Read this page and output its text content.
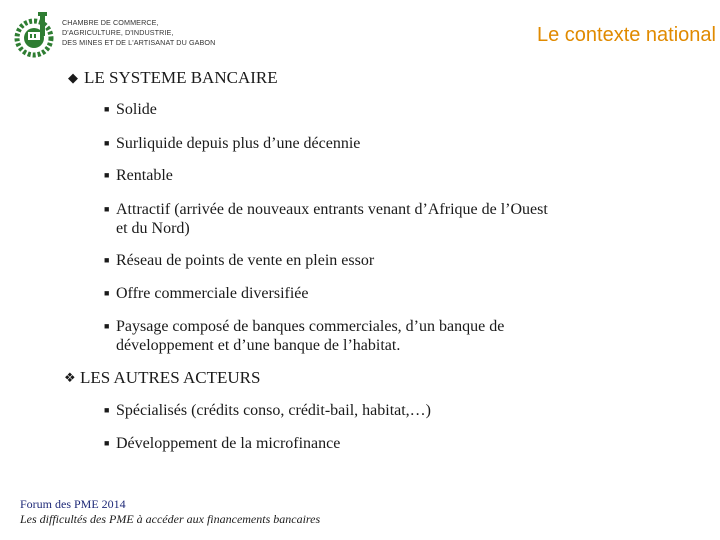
CHAMBRE DE COMMERCE,
D'AGRICULTURE, D'INDUSTRIE,
DES MINES ET DE L'ARTISANAT DU GABON	Le contexte national
◆ LE SYSTEME BANCAIRE
■ Solide
■ Surliquide depuis plus d’une décennie
■ Rentable
■ Attractif (arrivée de nouveaux entrants venant d’Afrique de l’Ouest
et du Nord)
■ Réseau de points de vente en plein essor
■ Offre commerciale diversifiée
■ Paysage composé de banques commerciales, d’un banque de
développement et d’une banque de l’habitat.
❖ LES AUTRES ACTEURS
■ Spécialisés (crédits conso, crédit-bail, habitat,…)
■ Développement de la microfinance
Forum des PME 2014
Les difficultés des PME à accéder aux financements bancaires
